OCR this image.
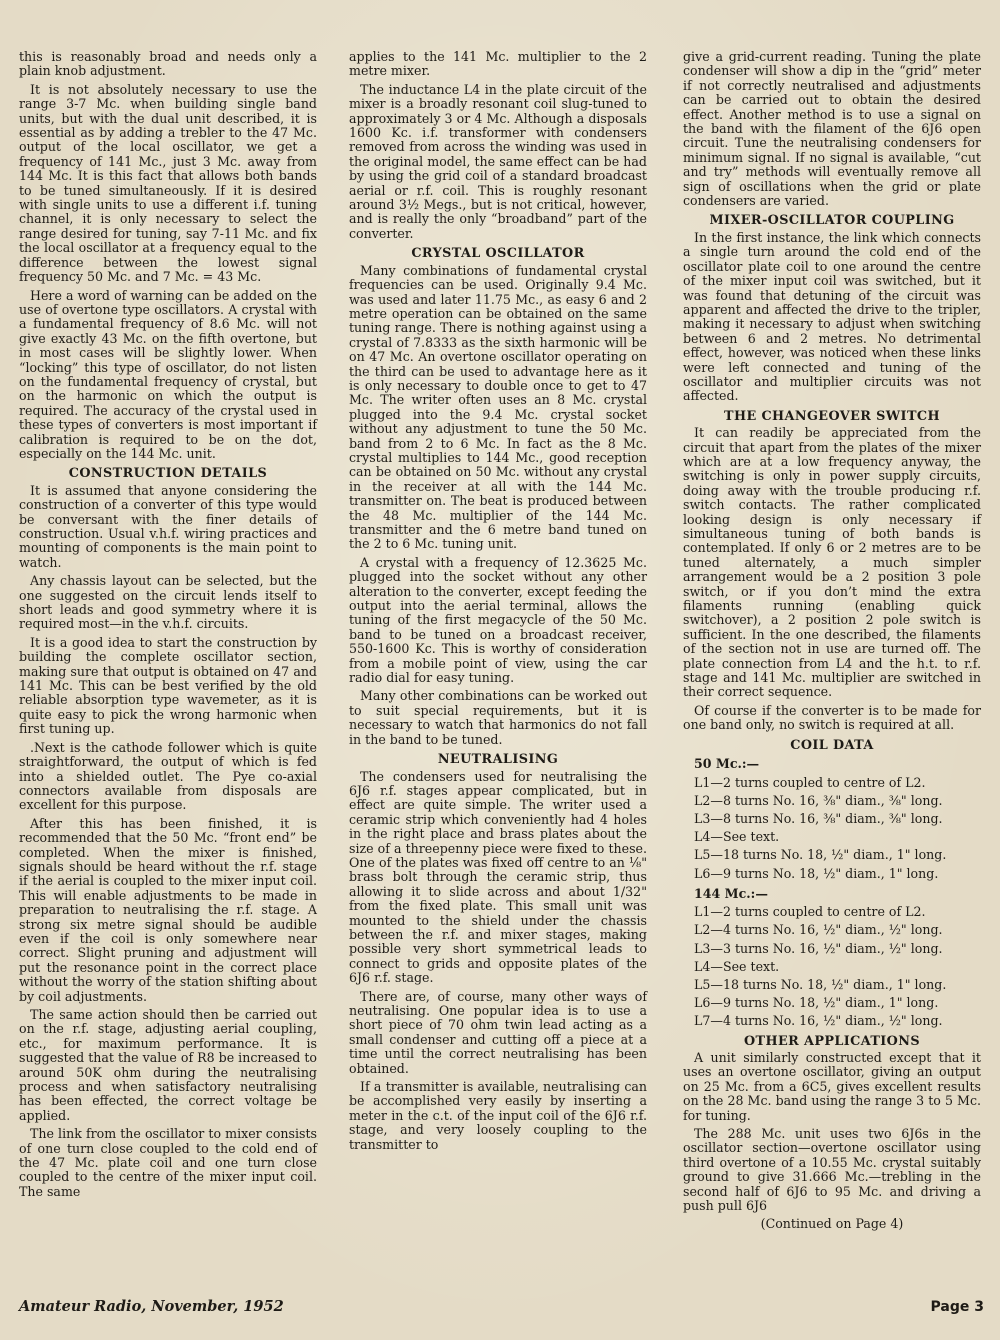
this is reasonably broad and needs only a plain knob adjustment.

It is not absolutely necessary to use the range 3-7 Mc. when building single band units, but with the dual unit described, it is essential as by adding a trebler to the 47 Mc. output of the local oscillator, we get a frequency of 141 Mc., just 3 Mc. away from 144 Mc. It is this fact that allows both bands to be tuned simultaneously. If it is desired with single units to use a different i.f. tuning channel, it is only necessary to select the range desired for tuning, say 7-11 Mc. and fix the local oscillator at a frequency equal to the difference between the lowest signal frequency 50 Mc. and 7 Mc. = 43 Mc.

Here a word of warning can be added on the use of overtone type oscillators. A crystal with a fundamental frequency of 8.6 Mc. will not give exactly 43 Mc. on the fifth overtone, but in most cases will be slightly lower. When “locking” this type of oscillator, do not listen on the fundamental frequency of crystal, but on the harmonic on which the output is required. The accuracy of the crystal used in these types of converters is most important if calibration is required to be on the dot, especially on the 144 Mc. unit.

CONSTRUCTION DETAILS

It is assumed that anyone considering the construction of a converter of this type would be conversant with the finer details of construction. Usual v.h.f. wiring practices and mounting of components is the main point to watch.

Any chassis layout can be selected, but the one suggested on the circuit lends itself to short leads and good symmetry where it is required most—in the v.h.f. circuits.

It is a good idea to start the construction by building the complete oscillator section, making sure that output is obtained on 47 and 141 Mc. This can be best verified by the old reliable absorption type wavemeter, as it is quite easy to pick the wrong harmonic when first tuning up.

.Next is the cathode follower which is quite straightforward, the output of which is fed into a shielded outlet. The Pye co-axial connectors available from disposals are excellent for this purpose.

After this has been finished, it is recommended that the 50 Mc. “front end” be completed. When the mixer is finished, signals should be heard without the r.f. stage if the aerial is coupled to the mixer input coil. This will enable adjustments to be made in preparation to neutralising the r.f. stage. A strong six metre signal should be audible even if the coil is only somewhere near correct. Slight pruning and adjustment will put the resonance point in the correct place without the worry of the station shifting about by coil adjustments.

The same action should then be carried out on the r.f. stage, adjusting aerial coupling, etc., for maximum performance. It is suggested that the value of R8 be increased to around 50K ohm during the neutralising process and when satisfactory neutralising has been effected, the correct voltage be applied.

The link from the oscillator to mixer consists of one turn close coupled to the cold end of the 47 Mc. plate coil and one turn close coupled to the centre of the mixer input coil. The same

applies to the 141 Mc. multiplier to the 2 metre mixer.

The inductance L4 in the plate circuit of the mixer is a broadly resonant coil slug-tuned to approximately 3 or 4 Mc. Although a disposals 1600 Kc. i.f. transformer with condensers removed from across the winding was used in the original model, the same effect can be had by using the grid coil of a standard broadcast aerial or r.f. coil. This is roughly resonant around 3½ Megs., but is not critical, however, and is really the only “broadband” part of the converter.

CRYSTAL OSCILLATOR

Many combinations of fundamental crystal frequencies can be used. Originally 9.4 Mc. was used and later 11.75 Mc., as easy 6 and 2 metre operation can be obtained on the same tuning range. There is nothing against using a crystal of 7.8333 as the sixth harmonic will be on 47 Mc. An overtone oscillator operating on the third can be used to advantage here as it is only necessary to double once to get to 47 Mc. The writer often uses an 8 Mc. crystal plugged into the 9.4 Mc. crystal socket without any adjustment to tune the 50 Mc. band from 2 to 6 Mc. In fact as the 8 Mc. crystal multiplies to 144 Mc., good reception can be obtained on 50 Mc. without any crystal in the receiver at all with the 144 Mc. transmitter on. The beat is produced between the 48 Mc. multiplier of the 144 Mc. transmitter and the 6 metre band tuned on the 2 to 6 Mc. tuning unit.

A crystal with a frequency of 12.3625 Mc. plugged into the socket without any other alteration to the converter, except feeding the output into the aerial terminal, allows the tuning of the first megacycle of the 50 Mc. band to be tuned on a broadcast receiver, 550-1600 Kc. This is worthy of consideration from a mobile point of view, using the car radio dial for easy tuning.

Many other combinations can be worked out to suit special requirements, but it is necessary to watch that harmonics do not fall in the band to be tuned.

NEUTRALISING

The condensers used for neutralising the 6J6 r.f. stages appear complicated, but in effect are quite simple. The writer used a ceramic strip which conveniently had 4 holes in the right place and brass plates about the size of a threepenny piece were fixed to these. One of the plates was fixed off centre to an ⅛" brass bolt through the ceramic strip, thus allowing it to slide across and about 1/32" from the fixed plate. This small unit was mounted to the shield under the chassis between the r.f. and mixer stages, making possible very short symmetrical leads to connect to grids and opposite plates of the 6J6 r.f. stage.

There are, of course, many other ways of neutralising. One popular idea is to use a short piece of 70 ohm twin lead acting as a small condenser and cutting off a piece at a time until the correct neutralising has been obtained.

If a transmitter is available, neutralising can be accomplished very easily by inserting a meter in the c.t. of the input coil of the 6J6 r.f. stage, and very loosely coupling to the transmitter to

give a grid-current reading. Tuning the plate condenser will show a dip in the “grid” meter if not correctly neutralised and adjustments can be carried out to obtain the desired effect. Another method is to use a signal on the band with the filament of the 6J6 open circuit. Tune the neutralising condensers for minimum signal. If no signal is available, “cut and try” methods will eventually remove all sign of oscillations when the grid or plate condensers are varied.

MIXER-OSCILLATOR COUPLING

In the first instance, the link which connects a single turn around the cold end of the oscillator plate coil to one around the centre of the mixer input coil was switched, but it was found that detuning of the circuit was apparent and affected the drive to the tripler, making it necessary to adjust when switching between 6 and 2 metres. No detrimental effect, however, was noticed when these links were left connected and tuning of the oscillator and multiplier circuits was not affected.

THE CHANGEOVER SWITCH

It can readily be appreciated from the circuit that apart from the plates of the mixer which are at a low frequency anyway, the switching is only in power supply circuits, doing away with the trouble producing r.f. switch contacts. The rather complicated looking design is only necessary if simultaneous tuning of both bands is contemplated. If only 6 or 2 metres are to be tuned alternately, a much simpler arrangement would be a 2 position 3 pole switch, or if you don’t mind the extra filaments running (enabling quick switchover), a 2 position 2 pole switch is sufficient. In the one described, the filaments of the section not in use are turned off. The plate connection from L4 and the h.t. to r.f. stage and 141 Mc. multiplier are switched in their correct sequence.

Of course if the converter is to be made for one band only, no switch is required at all.

COIL DATA

50 Mc.:—

L1—2 turns coupled to centre of L2.

L2—8 turns No. 16, ⅜" diam., ⅜" long.

L3—8 turns No. 16, ⅜" diam., ⅜" long.

L4—See text.

L5—18 turns No. 18, ½" diam., 1" long.

L6—9 turns No. 18, ½" diam., 1" long.

144 Mc.:—

L1—2 turns coupled to centre of L2.

L2—4 turns No. 16, ½" diam., ½" long.

L3—3 turns No. 16, ½" diam., ½" long.

L4—See text.

L5—18 turns No. 18, ½" diam., 1" long.

L6—9 turns No. 18, ½" diam., 1" long.

L7—4 turns No. 16, ½" diam., ½" long.

OTHER APPLICATIONS

A unit similarly constructed except that it uses an overtone oscillator, giving an output on 25 Mc. from a 6C5, gives excellent results on the 28 Mc. band using the range 3 to 5 Mc. for tuning.

The 288 Mc. unit uses two 6J6s in the oscillator section—overtone oscillator using third overtone of a 10.55 Mc. crystal suitably ground to give 31.666 Mc.—trebling in the second half of 6J6 to 95 Mc. and driving a push pull 6J6

(Continued on Page 4)

Amateur Radio, November, 1952	Page 3
